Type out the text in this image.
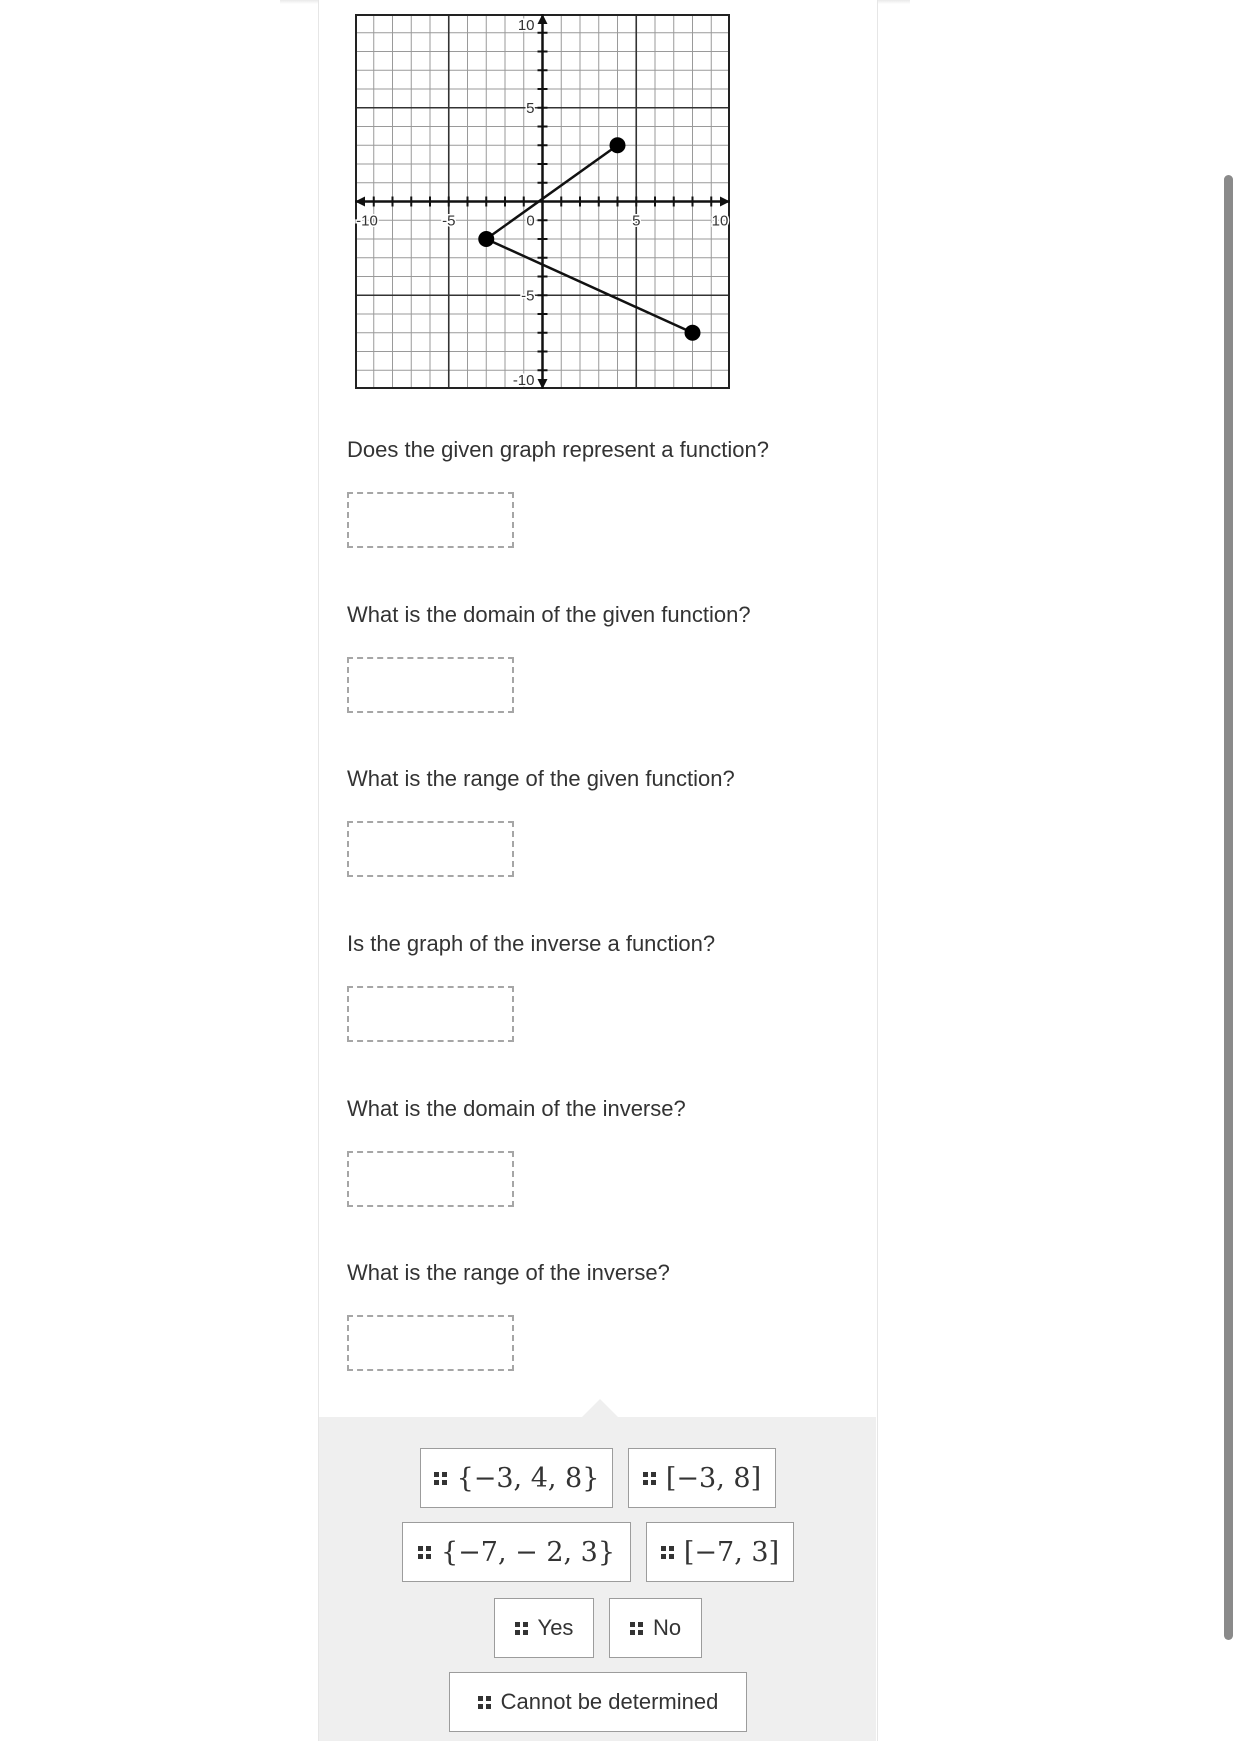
-10	-5	0	5	10
10
5
-5
-10
Does the given graph represent a function?
What is the domain of the given function?
What is the range of the given function?
Is the graph of the inverse a function?
What is the domain of the inverse?
What is the range of the inverse?
{−3, 4, 8} [−3, 8]
{−7, − 2, 3}	[−7, 3]
Yes	No
Cannot be determined
